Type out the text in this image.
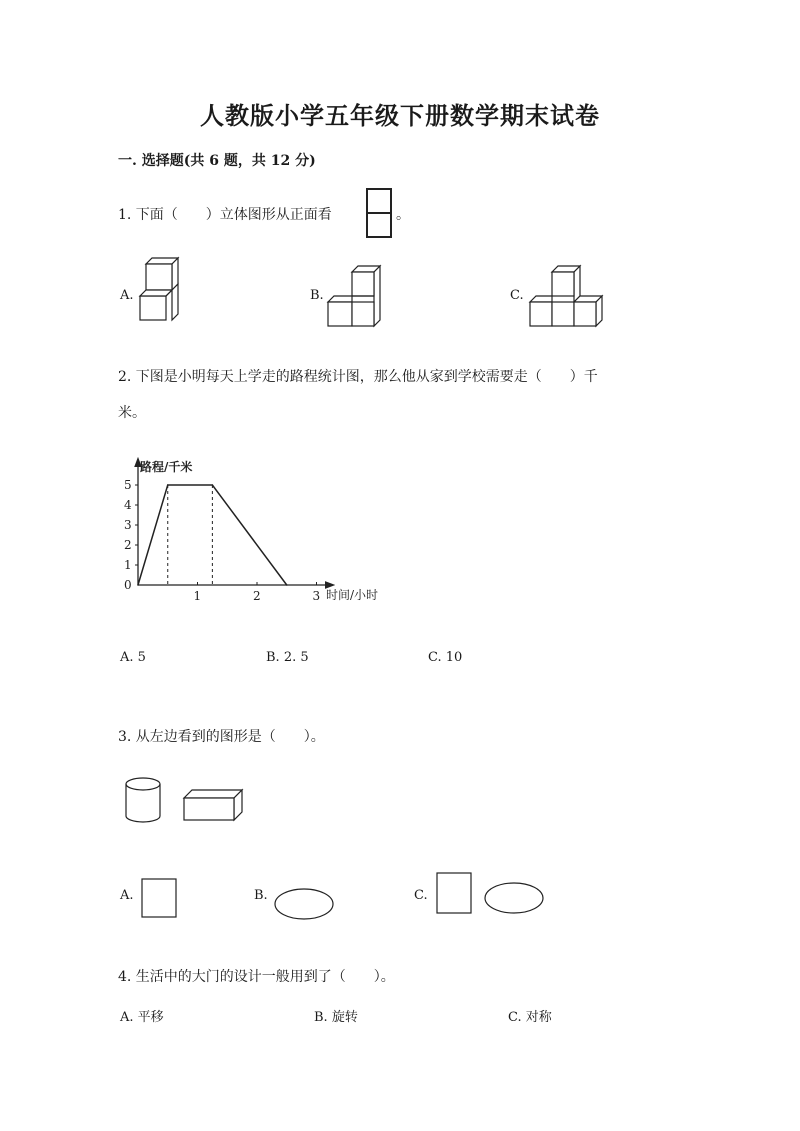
人教版小学五年级下册数学期末试卷
一. 选择题(共 6 题，共 12 分)
1. 下面（　　）立体图形从正面看	。
A.	B.	C.
2. 下图是小明每天上学走的路程统计图，那么他从家到学校需要走（　　）千
米。
路程/千米
时间/小时
0
1
2
3
4
5
1	2	3
A. 5	B. 2. 5	C. 10
3. 从左边看到的图形是（　　）。
A.	B.	C.
4. 生活中的大门的设计一般用到了（　　）。
A. 平移	B. 旋转	C. 对称
